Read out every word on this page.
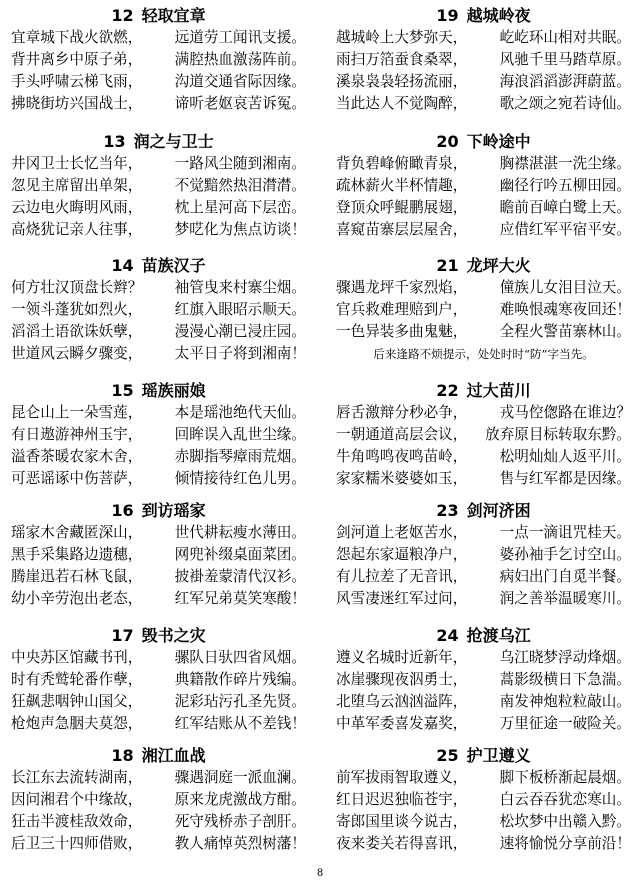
12 轻取宜章
宜章城下战火欲燃， 远道劳工闻讯支援。
背井离乡中原子弟， 满腔热血激荡阵前。
手头呼啸云梯飞雨， 沟道交通省际因缘。
拂晓街坊兴国战士， 谛听老妪哀苦诉冤。
13 润之与卫士
井冈卫士长忆当年， 一路风尘随到湘南。
忽见主席留出单架， 不觉黯然热泪潸潸。
云边电火晦明风雨， 枕上星河高下层峦。
高烧犹记亲人往事， 梦呓化为焦点访谈！
14 苗族汉子
何方壮汉顶盘长辫？ 袖管曳来村寨尘烟。
一领斗蓬犹如烈火， 红旗入眼昭示顺天。
滔滔土语欲诛妖孽， 漫漫心潮已浸庄园。
世道风云瞬夕骤变， 太平日子将到湘南！
15 瑶族丽娘
昆仑山上一朵雪莲， 本是瑶池绝代天仙。
有日遨游神州玉宇， 回眸误入乱世尘缘。
溢香茶暖农家木舍， 赤脚指琴瘴雨荒烟。
可恶谣诼中伤菩萨， 倾情接待红色儿男。
16 到访瑶家
瑶家木舍藏匿深山， 世代耕耘瘦水薄田。
黑手采集路边遗穗， 网兜补缀桌面菜团。
腾崖迅若石林飞鼠， 披褂羞蒙清代汉衫。
幼小辛劳泡出老态， 红军兄弟莫笑寒酸！
17 毁书之灾
中央苏区馆藏书刊， 骡队日驮四省风烟。
时有秃鹫轮番作孽， 典籍散作碎片残编。
狂飙悲咽钟山国父， 泥彩玷污孔圣先贤。
枪炮声急胭夫莫怨， 红军结账从不差钱！
18 湘江血战
长江东去流转湖南， 骤遇洞庭一派血澜。
因问湘君个中缘故， 原来龙虎激战方酣。
狂击半渡桂敌效命， 死守残桥赤子剖肝。
后卫三十四师借败， 教人痛悼英烈树藩！
19 越城岭夜
越城岭上大梦弥天， 屹屹环山相对共眠。
雨扫万箔蚕食桑翠， 风驰千里马踏草原。
溪泉袅袅轻扬流丽， 海浪滔滔澎湃蔚蓝。
当此达人不觉陶醉， 歌之颂之宛若诗仙。
20 下岭途中
背负碧峰俯瞰青泉， 胸襟湛湛一洗尘缘。
疏林薪火半杯情趣， 幽径行吟五柳田园。
登顶众呼鲲鹏展翅， 瞻前百嶂白鹭上天。
喜窥苗寨层层屋舍， 应借红军平宿平安。
21 龙坪大火
骤遇龙坪千家烈焰， 僮族儿女泪目泣天。
官兵救难理赔到户， 难唤恨魂寒夜回还！
一色异装多曲鬼魅， 全程火警苗寨林山。
后来逢路不烦提示，处处时时“防”字当先。
22 过大苗川
唇舌激辩分秒必争， 戎马倥偬路在谁边？
一朝通道高层会议， 放弃原目标转取东黔。
牛角鸣鸣夜鸣苗岭， 松明灿灿人返平川。
家家糯米婆婆如玉， 售与红军都是因缘。
23 剑河济困
剑河道上老妪苦水， 一点一滴诅咒桂天。
怨起东家逼粮净户， 婆孙袖手乞讨空山。
有儿拉差了无音讯， 病妇出门自觅半餐。
风雪凄迷红军过问， 润之善举温暖寒川。
24 抢渡乌江
遵义名城时近新年， 乌江晓梦浮动烽烟。
冰崖骤现夜泅勇士， 蒿影级横日下急湍。
北堕乌云汹汹溢阵， 南发神炮粒粒敲山。
中革军委喜发嘉奖， 万里征途一破险关。
25 护卫遵义
前军拔雨智取遵义， 脚下板桥渐起晨烟。
红日迟迟独临苍宇， 白云吞吞犹恋寒山。
寄郎国里谈今说古， 松坎梦中出赣入黔。
夜来娄关若得喜讯， 速将愉悦分享前沿！
8
